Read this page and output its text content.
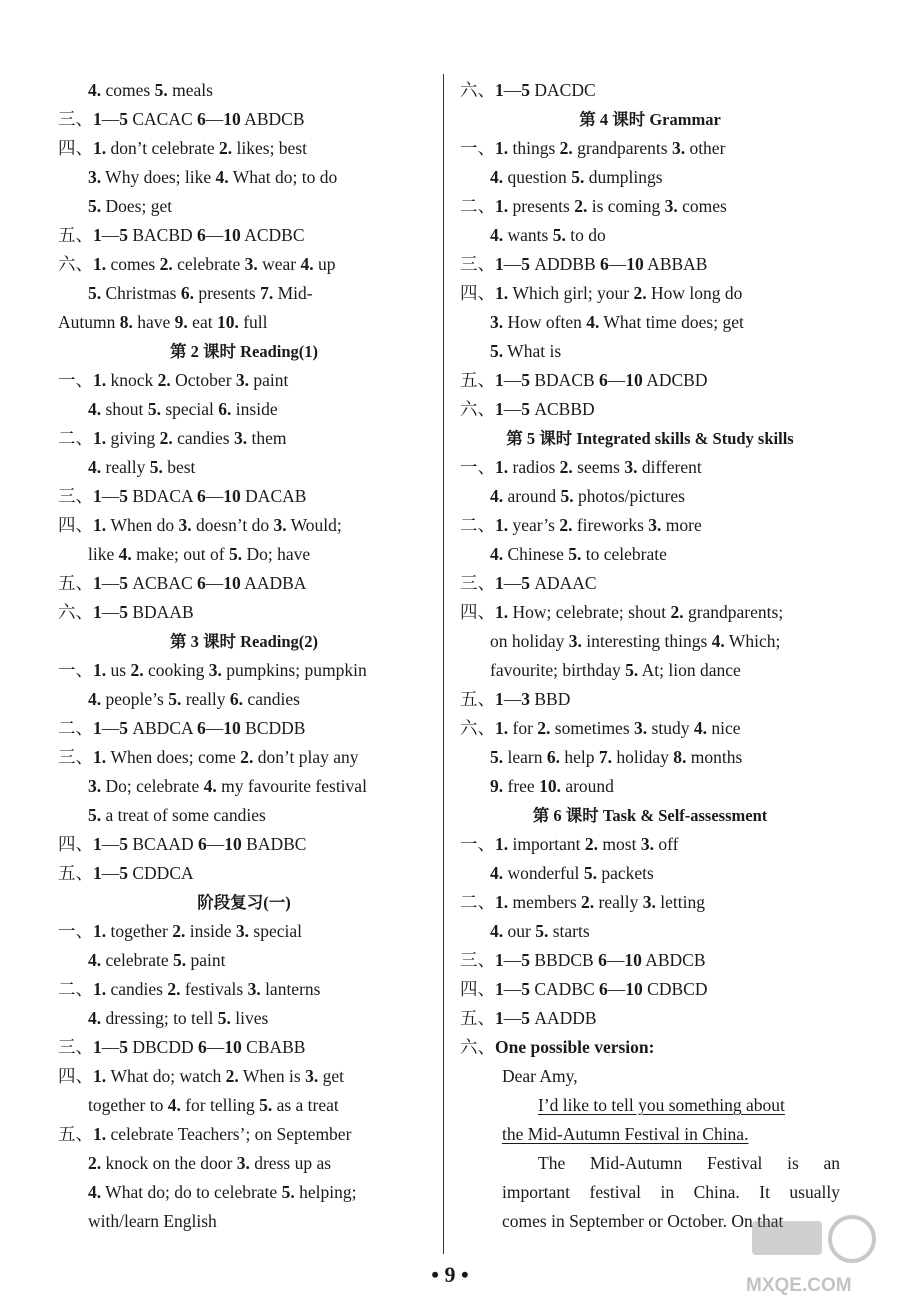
4. comes 5. meals
三、1—5 CACAC 6—10 ABDCB
四、1. don’t celebrate 2. likes; best
3. Why does; like 4. What do; to do
5. Does; get
五、1—5 BACBD 6—10 ACDBC
六、1. comes 2. celebrate 3. wear 4. up
5. Christmas 6. presents 7. Mid-
Autumn 8. have 9. eat 10. full
第 2 课时 Reading(1)
一、1. knock 2. October 3. paint
4. shout 5. special 6. inside
二、1. giving 2. candies 3. them
4. really 5. best
三、1—5 BDACA 6—10 DACAB
四、1. When do 3. doesn’t do 3. Would;
like 4. make; out of 5. Do; have
五、1—5 ACBAC 6—10 AADBA
六、1—5 BDAAB
第 3 课时 Reading(2)
一、1. us 2. cooking 3. pumpkins; pumpkin
4. people’s 5. really 6. candies
二、1—5 ABDCA 6—10 BCDDB
三、1. When does; come 2. don’t play any
3. Do; celebrate 4. my favourite festival
5. a treat of some candies
四、1—5 BCAAD 6—10 BADBC
五、1—5 CDDCA
阶段复习(一)
一、1. together 2. inside 3. special
4. celebrate 5. paint
二、1. candies 2. festivals 3. lanterns
4. dressing; to tell 5. lives
三、1—5 DBCDD 6—10 CBABB
四、1. What do; watch 2. When is 3. get
together to 4. for telling 5. as a treat
五、1. celebrate Teachers’; on September
2. knock on the door 3. dress up as
4. What do; do to celebrate 5. helping;
with/learn English
六、1—5 DACDC
第 4 课时 Grammar
一、1. things 2. grandparents 3. other
4. question 5. dumplings
二、1. presents 2. is coming 3. comes
4. wants 5. to do
三、1—5 ADDBB 6—10 ABBAB
四、1. Which girl; your 2. How long do
3. How often 4. What time does; get
5. What is
五、1—5 BDACB 6—10 ADCBD
六、1—5 ACBBD
第 5 课时 Integrated skills & Study skills
一、1. radios 2. seems 3. different
4. around 5. photos/pictures
二、1. year’s 2. fireworks 3. more
4. Chinese 5. to celebrate
三、1—5 ADAAC
四、1. How; celebrate; shout 2. grandparents;
on holiday 3. interesting things 4. Which;
favourite; birthday 5. At; lion dance
五、1—3 BBD
六、1. for 2. sometimes 3. study 4. nice
5. learn 6. help 7. holiday 8. months
9. free 10. around
第 6 课时 Task & Self-assessment
一、1. important 2. most 3. off
4. wonderful 5. packets
二、1. members 2. really 3. letting
4. our 5. starts
三、1—5 BBDCB 6—10 ABDCB
四、1—5 CADBC 6—10 CDBCD
五、1—5 AADDB
六、One possible version:
Dear Amy,
I’d like to tell you something about
the Mid-Autumn Festival in China.
The Mid-Autumn Festival is an
important festival in China. It usually
comes in September or October. On that
• 9 •	MXQE.COM
